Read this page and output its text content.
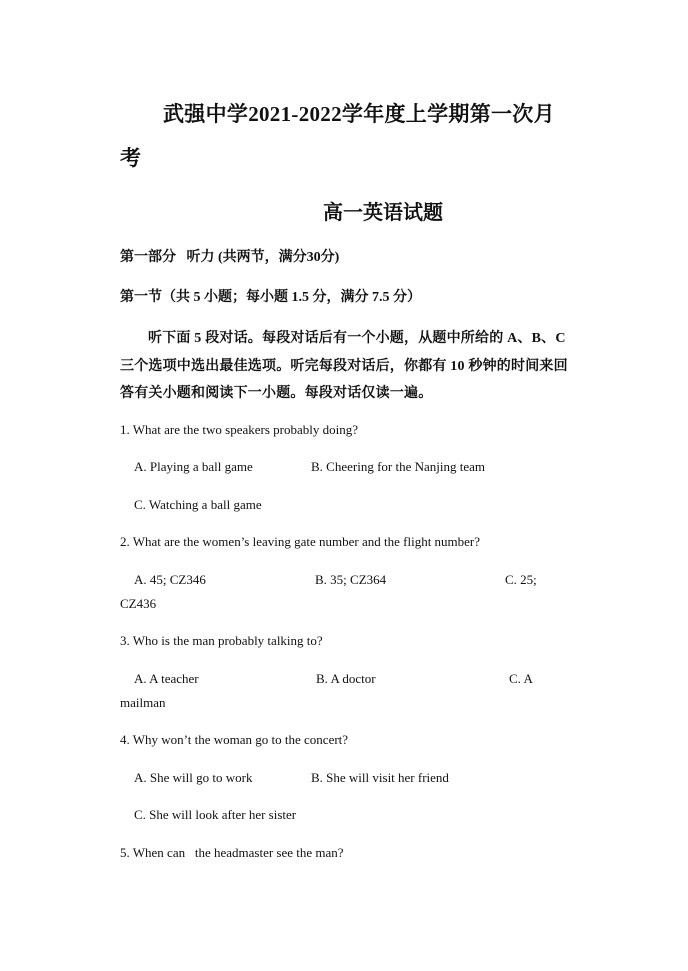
武强中学2021-2022学年度上学期第一次月
考
高一英语试题
第一部分   听力 (共两节，满分30分)
第一节（共 5 小题；每小题 1.5 分，满分 7.5 分）
听下面 5 段对话。每段对话后有一个小题，从题中所给的 A、B、C
三个选项中选出最佳选项。听完每段对话后，你都有 10 秒钟的时间来回
答有关小题和阅读下一小题。每段对话仅读一遍。
1. What are the two speakers probably doing?
A. Playing a ball game	B. Cheering for the Nanjing team
C. Watching a ball game
2. What are the women’s leaving gate number and the flight number?
A. 45; CZ346	B. 35; CZ364	C. 25;
CZ436
3. Who is the man probably talking to?
A. A teacher	B. A doctor	C. A
mailman
4. Why won’t the woman go to the concert?
A. She will go to work	B. She will visit her friend
C. She will look after her sister
5. When can   the headmaster see the man?
